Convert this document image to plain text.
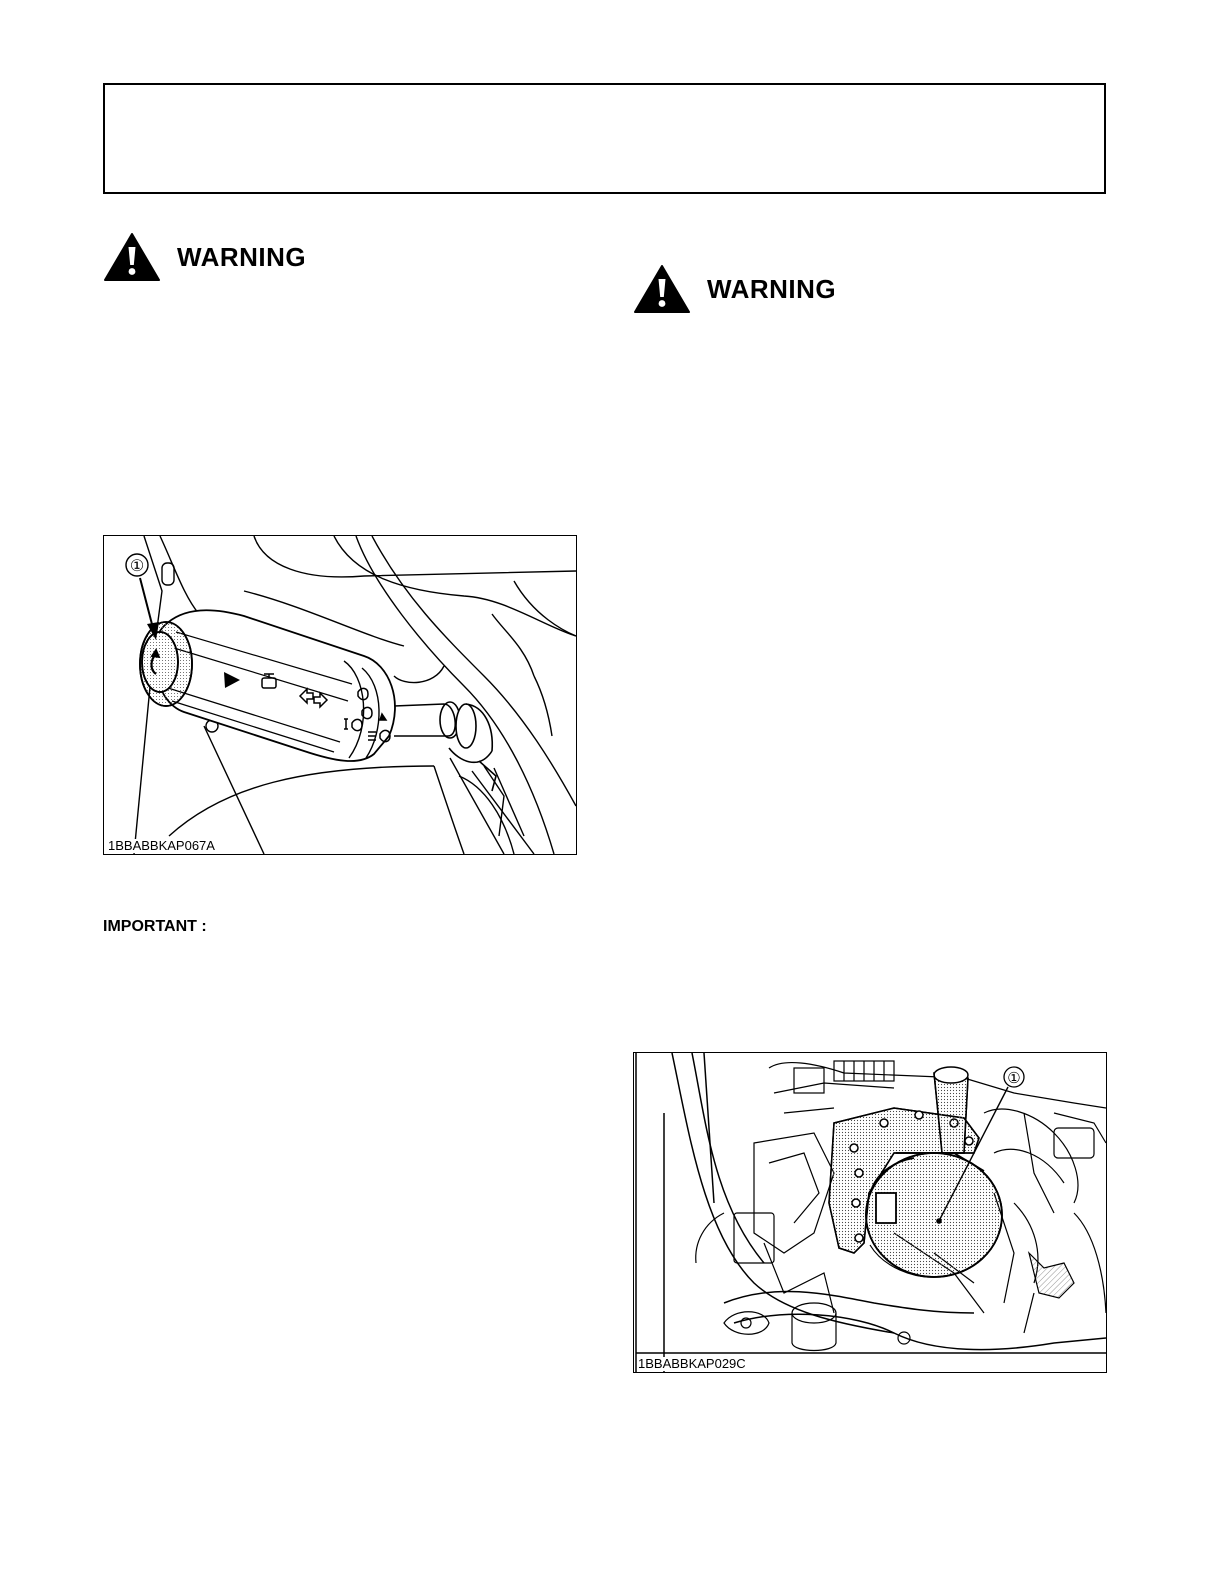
WARNING
WARNING
①
1BBABBKAP067A
IMPORTANT :
①
1BBABBKAP029C
